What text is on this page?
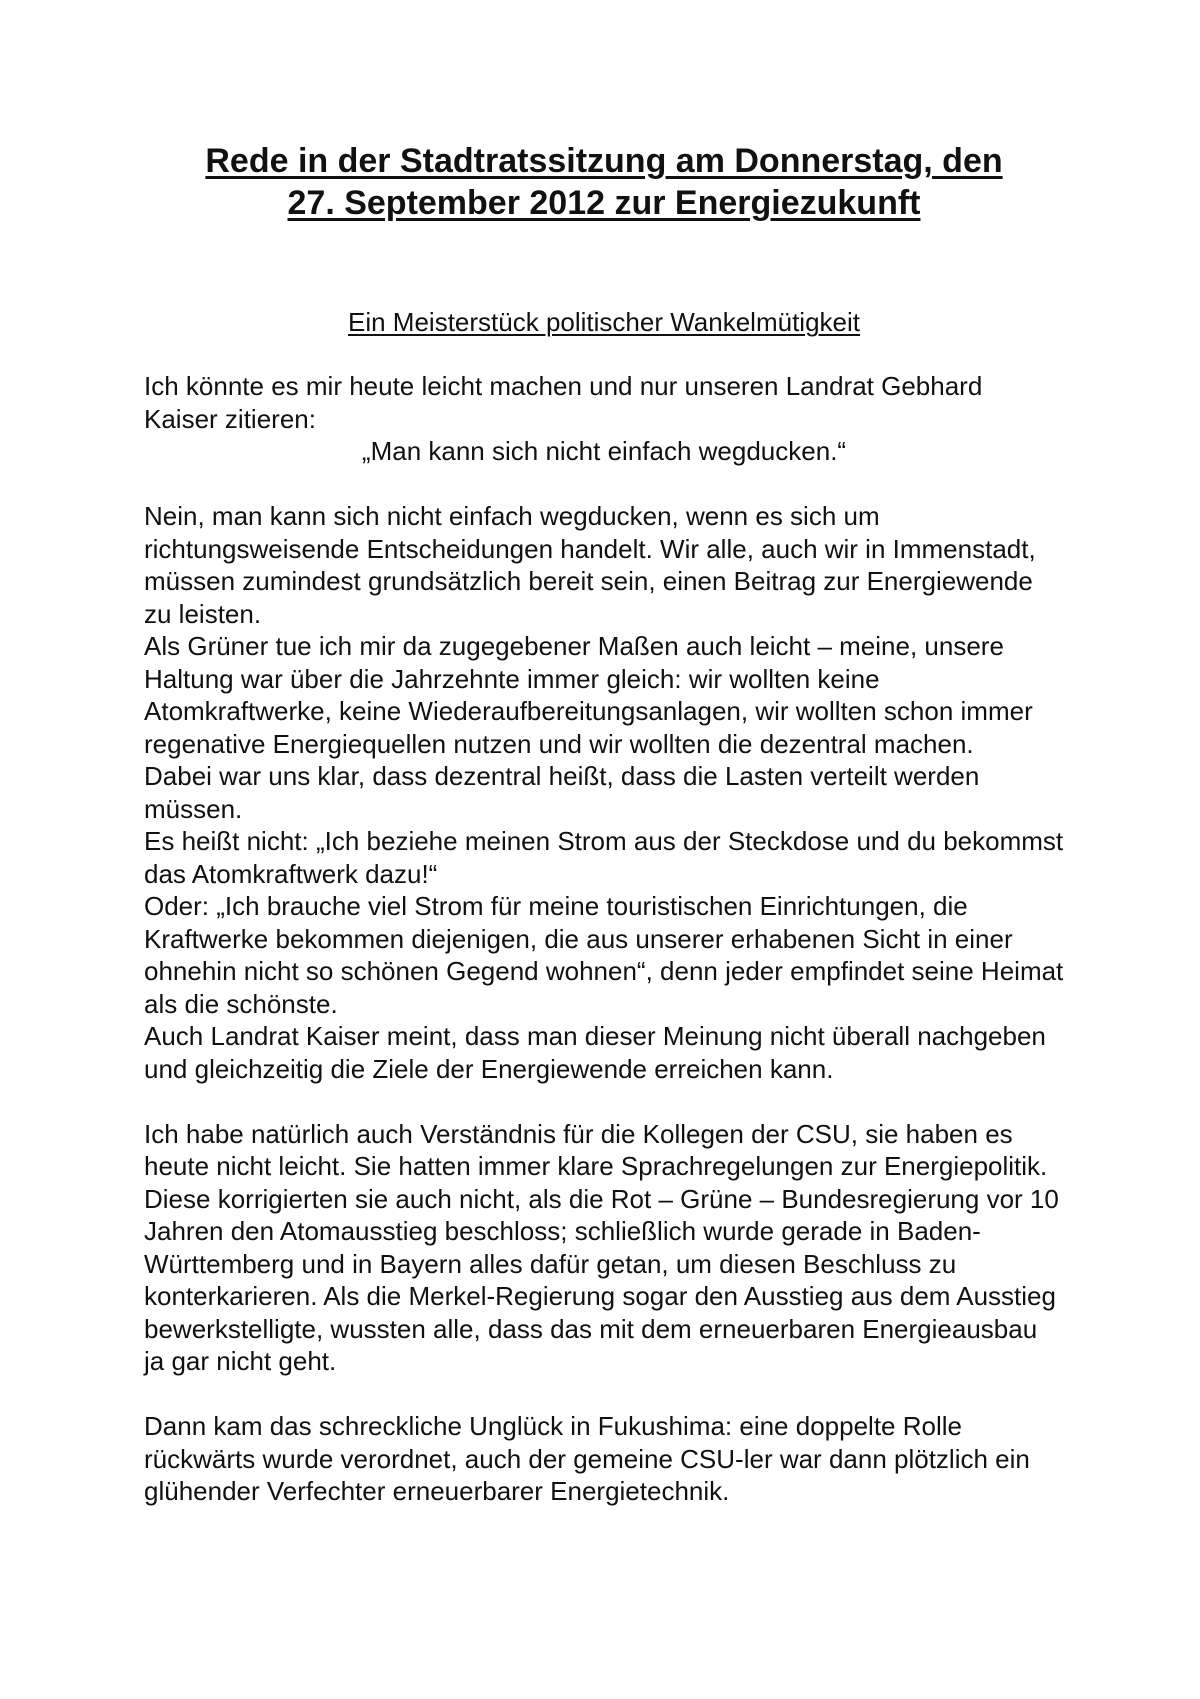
Rede in der Stadtratssitzung am Donnerstag, den
27. September 2012 zur Energiezukunft

Ein Meisterstück politischer Wankelmütigkeit

Ich könnte es mir heute leicht machen und nur unseren Landrat Gebhard
Kaiser zitieren:

„Man kann sich nicht einfach wegducken.“

Nein, man kann sich nicht einfach wegducken, wenn es sich um richtungsweisende Entscheidungen handelt. Wir alle, auch wir in Immenstadt, müssen zumindest grundsätzlich bereit sein, einen Beitrag zur Energiewende zu leisten.

Als Grüner tue ich mir da zugegebener Maßen auch leicht – meine, unsere Haltung war über die Jahrzehnte immer gleich: wir wollten keine Atomkraftwerke, keine Wiederaufbereitungsanlagen, wir wollten schon immer regenative Energiequellen nutzen und wir wollten die dezentral machen.

Dabei war uns klar, dass dezentral heißt, dass die Lasten verteilt werden müssen.

Es heißt nicht: „Ich beziehe meinen Strom aus der Steckdose und du bekommst das Atomkraftwerk dazu!“

Oder: „Ich brauche viel Strom für meine touristischen Einrichtungen, die Kraftwerke bekommen diejenigen, die aus unserer erhabenen Sicht in einer ohnehin nicht so schönen Gegend wohnen“, denn jeder empfindet seine Heimat als die schönste.

Auch Landrat Kaiser meint, dass man dieser Meinung nicht überall nachgeben und gleichzeitig die Ziele der Energiewende erreichen kann.

Ich habe natürlich auch Verständnis für die Kollegen der CSU, sie haben es heute nicht leicht. Sie hatten immer klare Sprachregelungen zur Energiepolitik. Diese korrigierten sie auch nicht, als die Rot – Grüne – Bundesregierung vor 10 Jahren den Atomausstieg beschloss; schließlich wurde gerade in Baden-Württemberg und in Bayern alles dafür getan, um diesen Beschluss zu konterkarieren. Als die Merkel-Regierung sogar den Ausstieg aus dem Ausstieg bewerkstelligte, wussten alle, dass das mit dem erneuerbaren Energieausbau ja gar nicht geht.

Dann kam das schreckliche Unglück in Fukushima: eine doppelte Rolle rückwärts wurde verordnet, auch der gemeine CSU-ler war dann plötzlich ein glühender Verfechter erneuerbarer Energietechnik.
